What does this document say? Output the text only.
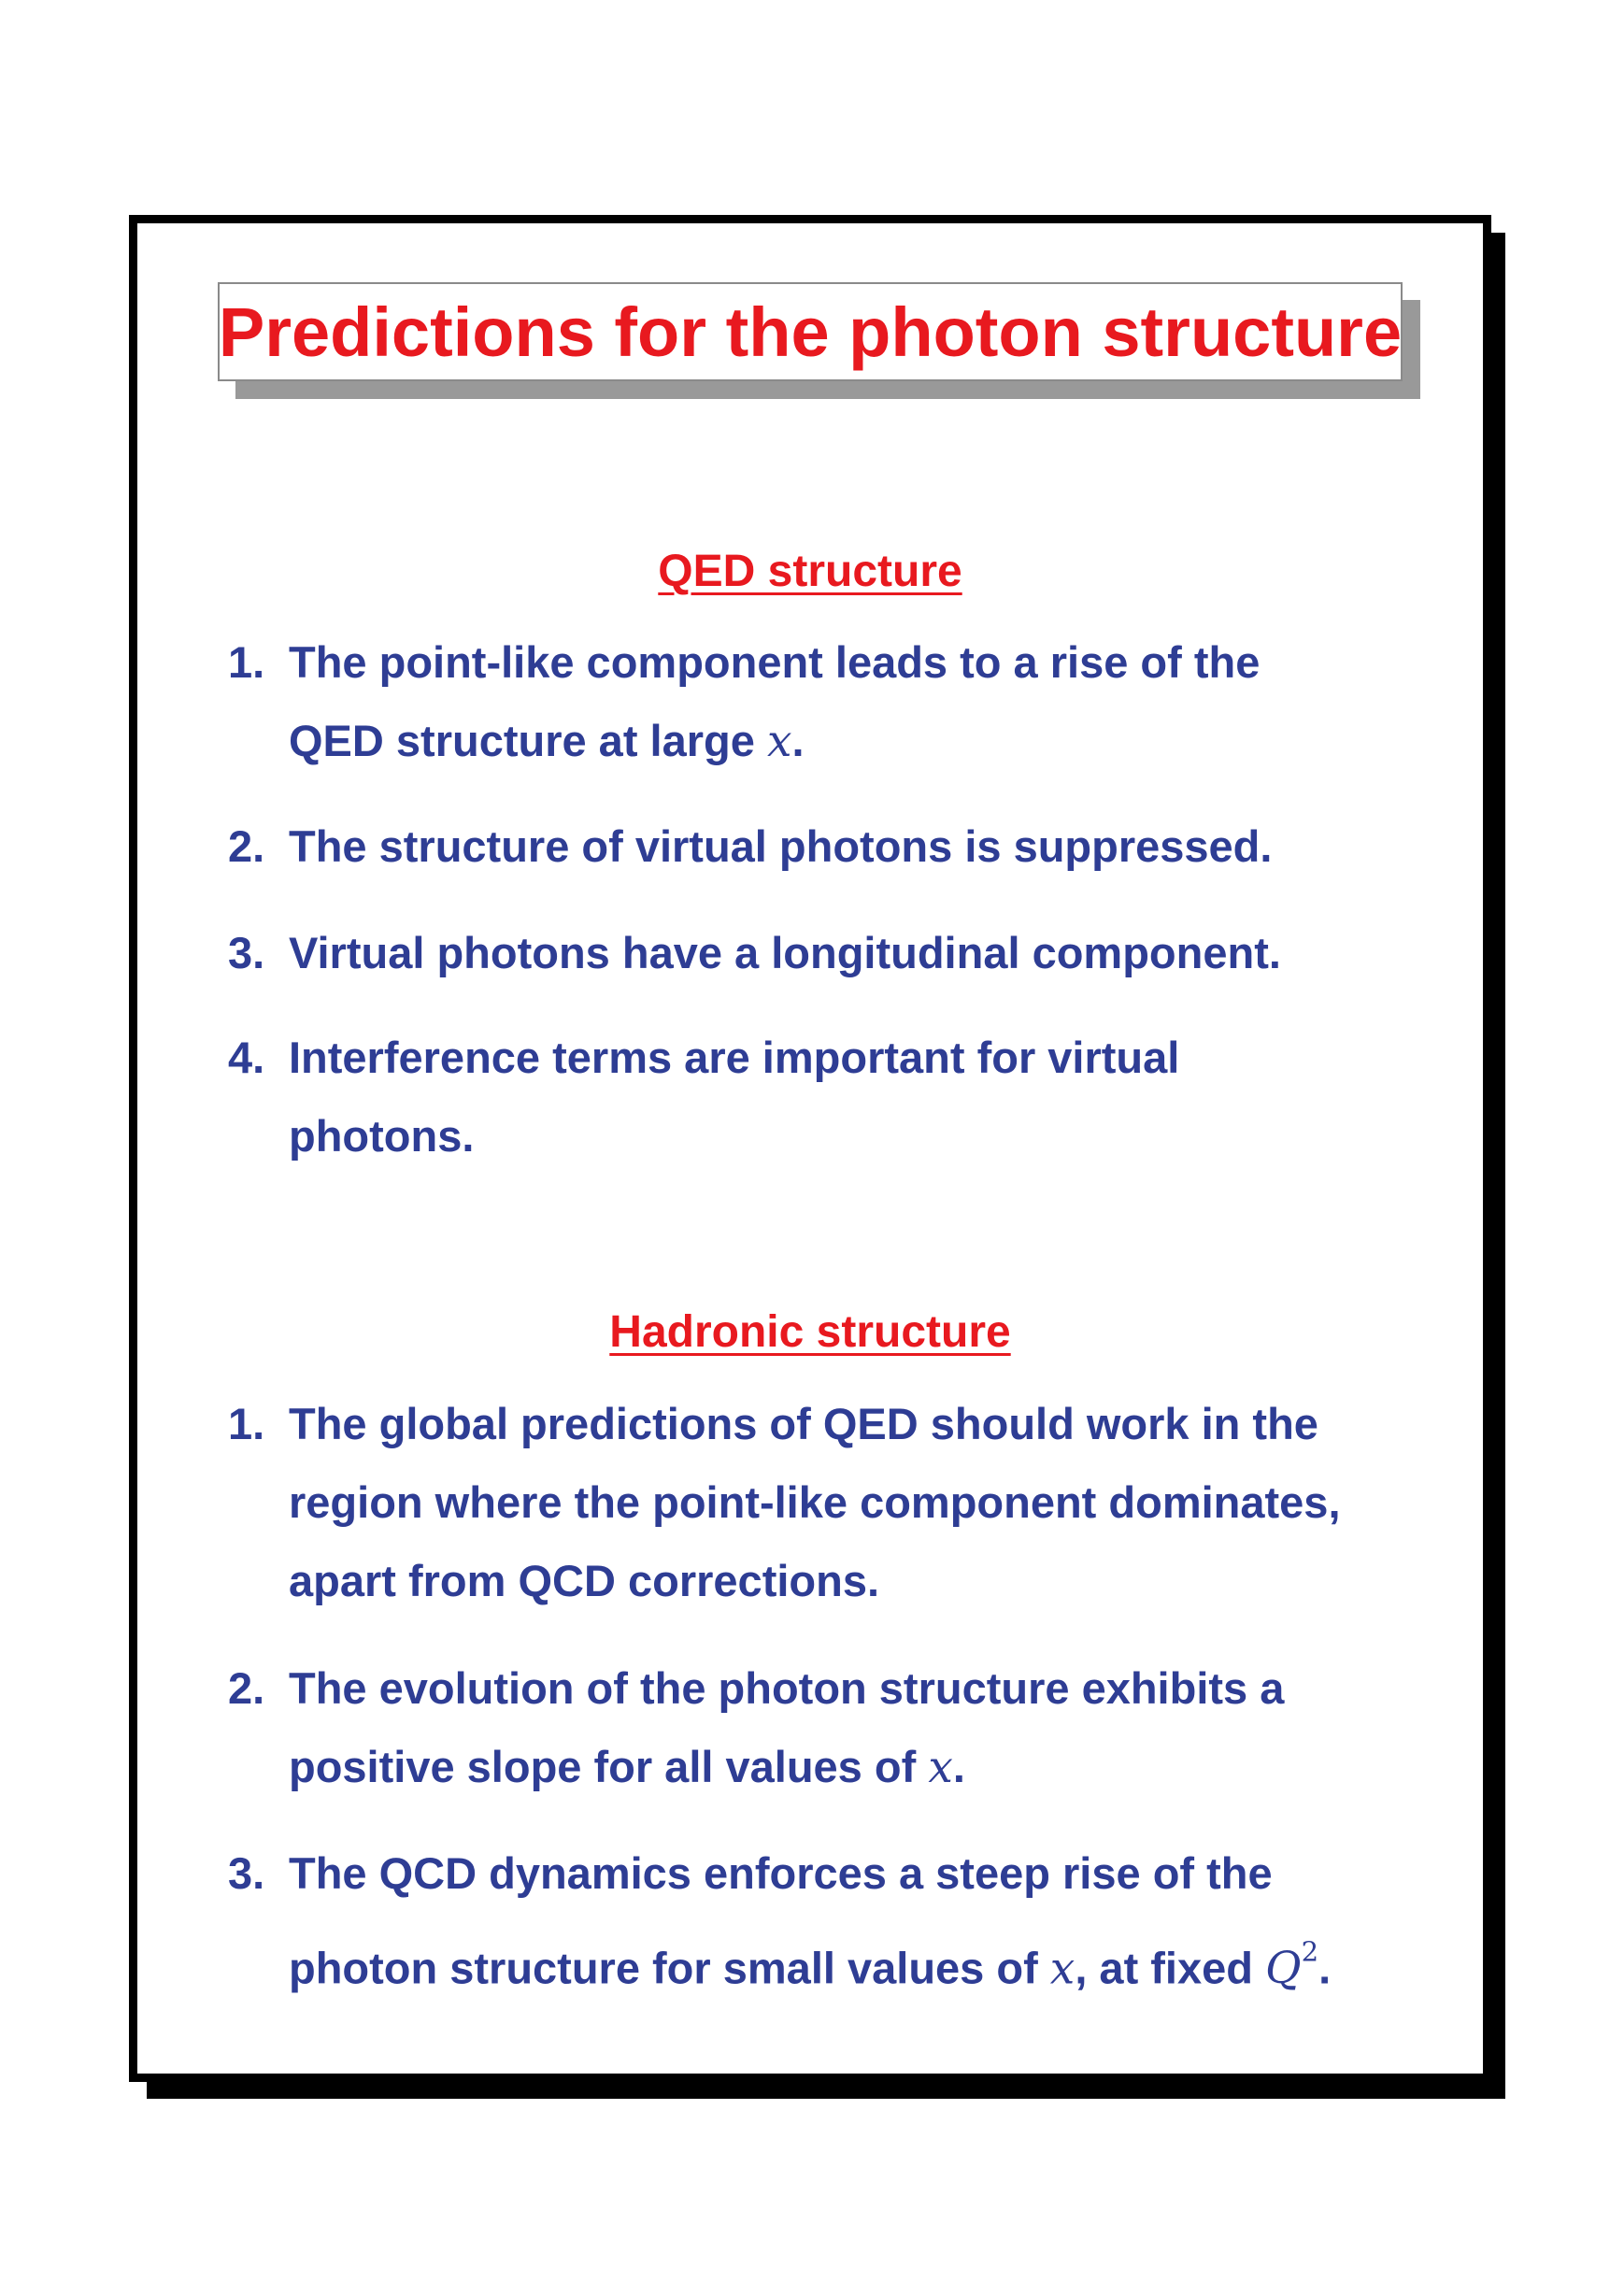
Predictions for the photon structure
QED structure
1. The point-like component leads to a rise of the
QED structure at large x.
2. The structure of virtual photons is suppressed.
3. Virtual photons have a longitudinal component.
4. Interference terms are important for virtual
photons.
Hadronic structure
1. The global predictions of QED should work in the
region where the point-like component dominates,
apart from QCD corrections.
2. The evolution of the photon structure exhibits a
positive slope for all values of x.
3. The QCD dynamics enforces a steep rise of the
photon structure for small values of x, at fixed $Q^2$.
